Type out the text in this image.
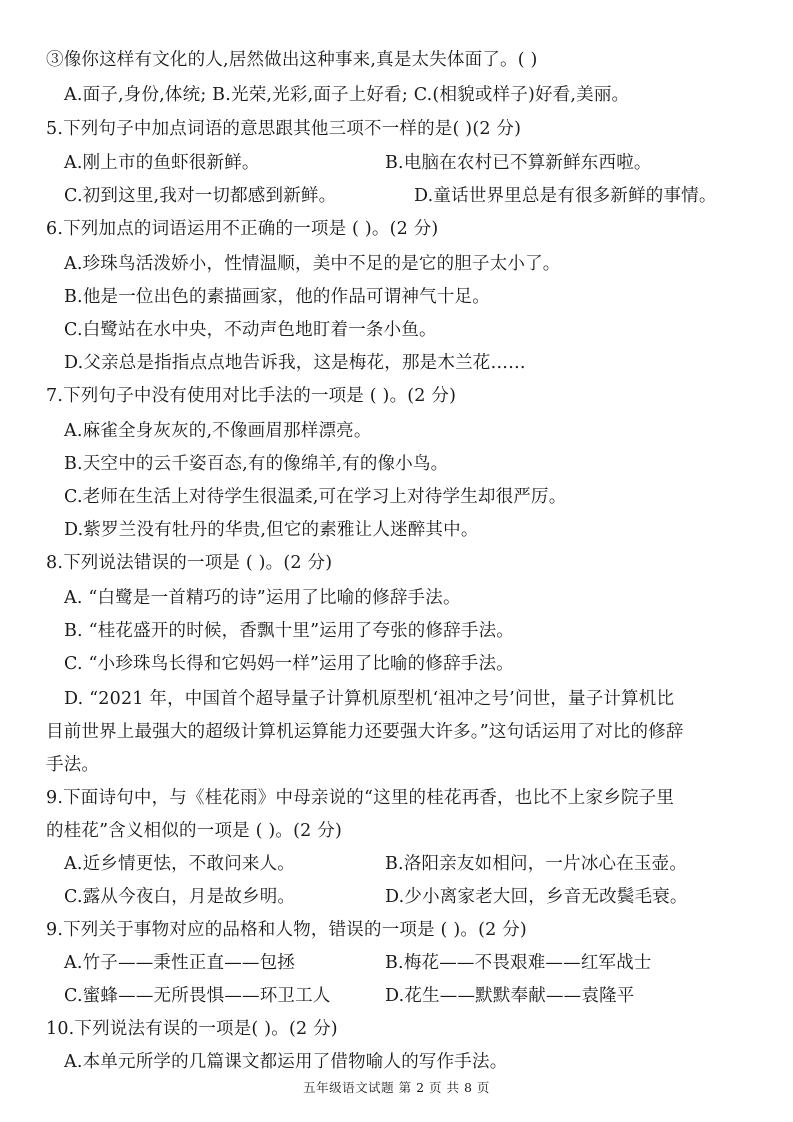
③像你这样有文化的人,居然做出这种事来,真是太失体面了。( )
A.面子,身份,体统; B.光荣,光彩,面子上好看; C.(相貌或样子)好看,美丽。
5.下列句子中加点词语的意思跟其他三项不一样的是( )(2 分)
A.刚上市的鱼虾很新鲜。	B.电脑在农村已不算新鲜东西啦。
C.初到这里,我对一切都感到新鲜。	D.童话世界里总是有很多新鲜的事情。
6.下列加点的词语运用不正确的一项是 ( )。(2 分)
A.珍珠鸟活泼娇小，性情温顺，美中不足的是它的胆子太小了。
B.他是一位出色的素描画家，他的作品可谓神气十足。
C.白鹭站在水中央，不动声色地盯着一条小鱼。
D.父亲总是指指点点地告诉我，这是梅花，那是木兰花……
7.下列句子中没有使用对比手法的一项是 ( )。(2 分)
A.麻雀全身灰灰的,不像画眉那样漂亮。
B.天空中的云千姿百态,有的像绵羊,有的像小鸟。
C.老师在生活上对待学生很温柔,可在学习上对待学生却很严厉。
D.紫罗兰没有牡丹的华贵,但它的素雅让人迷醉其中。
8.下列说法错误的一项是 ( )。(2 分)
A. “白鹭是一首精巧的诗”运用了比喻的修辞手法。
B. “桂花盛开的时候，香飘十里”运用了夸张的修辞手法。
C. “小珍珠鸟长得和它妈妈一样”运用了比喻的修辞手法。
D. “2021 年，中国首个超导量子计算机原型机‘祖冲之号’问世，量子计算机比
目前世界上最强大的超级计算机运算能力还要强大许多。”这句话运用了对比的修辞
手法。
9.下面诗句中，与《桂花雨》中母亲说的“这里的桂花再香，也比不上家乡院子里
的桂花”含义相似的一项是 ( )。(2 分)
A.近乡情更怯，不敢问来人。	B.洛阳亲友如相问，一片冰心在玉壶。
C.露从今夜白，月是故乡明。	D.少小离家老大回，乡音无改鬓毛衰。
9.下列关于事物对应的品格和人物，错误的一项是 ( )。(2 分)
A.竹子——秉性正直——包拯	B.梅花——不畏艰难——红军战士
C.蜜蜂——无所畏惧——环卫工人	D.花生——默默奉献——袁隆平
10.下列说法有误的一项是( )。(2 分)
A.本单元所学的几篇课文都运用了借物喻人的写作手法。
五年级语文试题 第 2 页 共 8 页
